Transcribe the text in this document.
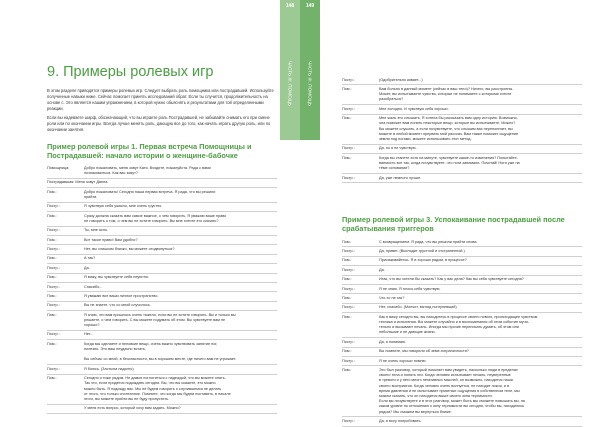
9. Примеры ролевых игр

В этом разделе приводятся примеры ролевых игр. Следует выбрать роль помощника или пострадавшей. Используйте полученные навыки ниже. Сейчас помогает принять исследований обрат. Если ты случится, продолжительность на основе с. Это является нашим упражнением, в которой нужно обьяснять и результатами для той определенными реакции.

Если вы надеваете шарф, обозначающий, что вы играете роль Пострадавшей, не забывайте снимать его при смене роли или по окончании игры. Всегда лучше менять роль, дающую все до того, как начать играть другую роль, или по окончании занятия.

Пример ролевой игры 1. Первая встреча Помощницы и Пострадавшей: начало истории о женщине-бабочке
Помощница:	Добро пожаловать, меня зовут Катя. Входите, пожалуйста. Рада с вами
познакомиться. Как вас зовут?
Пострадавшая: Меня зовут Данна.
Пом.:	Добро пожаловать! Сегодня наша первая встреча. Я рада, что вы решили
прийти.
Постр.:	Я чувствую себя ужасно, мне очень грустно.
Пом.:	Сразу должна сказать вам самое важное, о чем говорить. Я уважаю ваше право
не говорить о том, о чем вы не хотите говорить. Вы мне хотите это сказать?
Постр.:	Ты, мне ясно.
Пом.:	Вот такое право! Вам удобно?
Постр.:	Нет, вы слишком близко, вы можете отодвинуться?
Пом.:	А так?
Постр.:	Да.
Пом.:	Я вижу, вы чувствуете себя неуютно.
Постр.:	Спасибо...
Пом.:	Я уважаю все ваши личное пространство.
Постр.:	Вы не знаете, что со мной случилось.
Пом.:	Я знаю, что вам пришлось очень тяжело, если вы не хотите говорить. Вы и только вы
решаете, о чем говорить. С вы можете подумать об этом. Вы чувствуете вам не
хорошо?
Постр.:	Нет...
Пом.:	Когда мы сделаете и неловкие вещи, очень важно чувствовать занятие ног,
полезно. Это ваш неудачно встать.

Вы сейчас со мной, в безопасности, вы в хорошем месте, где ничего вам не угрожает.
Постр.:	Я боюсь. (Застыла надолго)
Пом.:	Сегодня я тоже рядом. Не дамся поглотиться с надеждой, что вы можете опять.
Так что, если придется подождать сегодня. Вы, что вы скажете, это можно
можно быть. Я подожду вас. Мы не будем говорить о случившемся не делать
от этого, что только спонтанное. Помните, что когда мы будем поставить, в начале
этого, вы можете прийти вы не буду пропустить.
У меня есть вопрос, который хочу вам задать. Можно?
148
ЧАСТЬ III. ПОМОЩЬ
149
ЧАСТЬ III. ПОМОЩЬ	Постр.:	(Одобрительно кивает...)
Пом.:	Вам больно в данный момент (сейчас в ваш тело)? Ничего, вы расстроены.
Может, вы испытываете чувство, которые не понимаете с которыми хотите
разобраться?
Постр.:	Мне холодно. И чувствую себя хорошо.
Пом.:	Мне жаль это слышать. Я хотела бы рассказать вам одну историю. Возможно,
она поможет вам понять некоторые вещи, которые вы испытываете. Можно?
Вы можете слушать, а если почувствуете, что слышим вас переполняет, вы
можете в любой момент прервать мой рассказ. Вам также поможет ощущение
земли под ногами, можете использовать этот метод.
Постр.:	Да, но я не чувствую.
Пом.:	Когда вы станете хотя на минуте, чувствуете какие-то изменения? Попытайте-
ваемость вот так, когда почувствуете, что ноги занимали. Почитай! Ноги уже на
тёме основании?
Постр.:	Да, уже немного лучше.
Пример ролевой игры 3. Успокаивание пострадавшей после срабатывания триггеров
Пом.:	С возвращением. Я рада, что вы решили прийти снова.
Постр.:	Да, привет. (Выглядит грустной и отстраненной.)
Пом.:	Присаживайтесь. Я в хорошо рядом, в процессе?
Постр.:	Да.
Пом.:	Итак, что вы хотели бы сказать? Как у вас дела? Как вы себя чувствуете сегодня?
Постр.:	Я не знаю. Я плохо себя чувствую.
Пом.:	Что-то не так?
Постр.:	Нет, спасибо. (Молчит, взгляд поглупевший)
Пом.:	Как я вижу сегодня вы, вы находитесь в процессе своего нового, происходящее чувством
техника и испытания. Вы можете случайно и в воспоминания об этом событие мучи-
тельно и вызывают печаль. Иногда мы прочие переписать думать, об этом или
небольшие и не дающие жизни.
Постр.:	Да, я понимаю.
Пом.:	Вы помните, мы говорили об земе-пограничности?
Постр.:	Я не очень хорошо помню.
Пом.:	Это был разговор, который помогает вам увидеть, насколько люди в пределах
своего тела и понять эти. Когда человек испытывает печаль, неуверенные
в тревоги и у него много негативных мыслей, он возможно, находится наши
своего восприятия. Когда человек очень волнуется, не находит покоя, и в
время давления и не испытывает приятные ощущения в собственном теле, мы
можем сказать, что он находится выше своего окна терпимости.
Если вы почувствуете и в этот разговор, может быть мы сможете повышать вы, на
каком уровне по отношению к окну терпимости вы сегодня, чтобы вы, находились
рядом? Мы сможем вы вернуться ближе.
Постр.:	Да, я могу попробовать.
